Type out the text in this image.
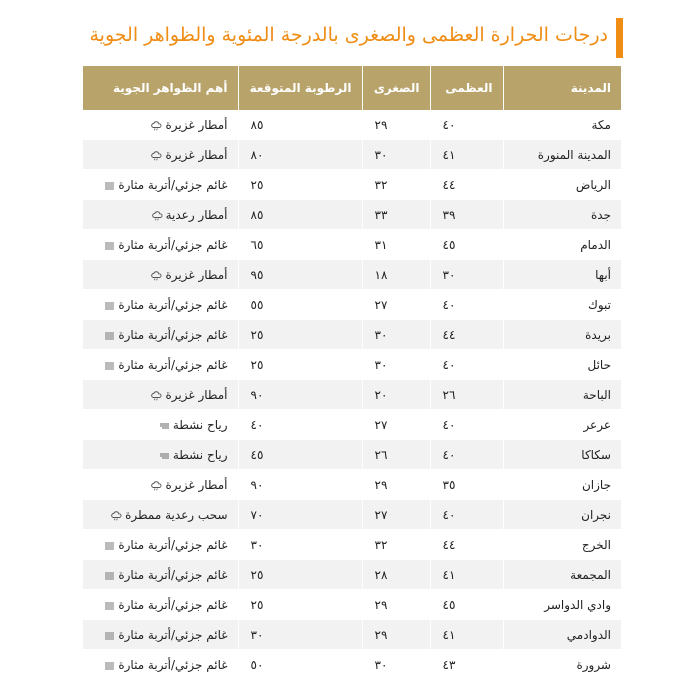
درجات الحرارة العظمى والصغرى بالدرجة المئوية والظواهر الجوية
المدينة	العظمى	الصغرى	الرطوبة المتوقعة	أهم الظواهر الجوية
مكة	٤٠	٢٩	٨٥	أمطار غزيرة

المدينة المنورة	٤١	٣٠	٨٠	أمطار غزيرة

الرياض	٤٤	٣٢	٢٥	غائم جزئي/أتربة مثارة

جدة	٣٩	٣٣	٨٥	أمطار رعدية

الدمام	٤٥	٣١	٦٥	غائم جزئي/أتربة مثارة

أبها	٣٠	١٨	٩٥	أمطار غزيرة

تبوك	٤٠	٢٧	٥٥	غائم جزئي/أتربة مثارة

بريدة	٤٤	٣٠	٢٥	غائم جزئي/أتربة مثارة

حائل	٤٠	٣٠	٢٥	غائم جزئي/أتربة مثارة

الباحة	٢٦	٢٠	٩٠	أمطار غزيرة

عرعر	٤٠	٢٧	٤٠	رياح نشطة

سكاكا	٤٠	٢٦	٤٥	رياح نشطة

جازان	٣٥	٢٩	٩٠	أمطار غزيرة

نجران	٤٠	٢٧	٧٠	سحب رعدية ممطرة

الخرج	٤٤	٣٢	٣٠	غائم جزئي/أتربة مثارة

المجمعة	٤١	٢٨	٢٥	غائم جزئي/أتربة مثارة

وادي الدواسر	٤٥	٢٩	٢٥	غائم جزئي/أتربة مثارة

الدوادمي	٤١	٢٩	٣٠	غائم جزئي/أتربة مثارة

شرورة	٤٣	٣٠	٥٠	غائم جزئي/أتربة مثارة
